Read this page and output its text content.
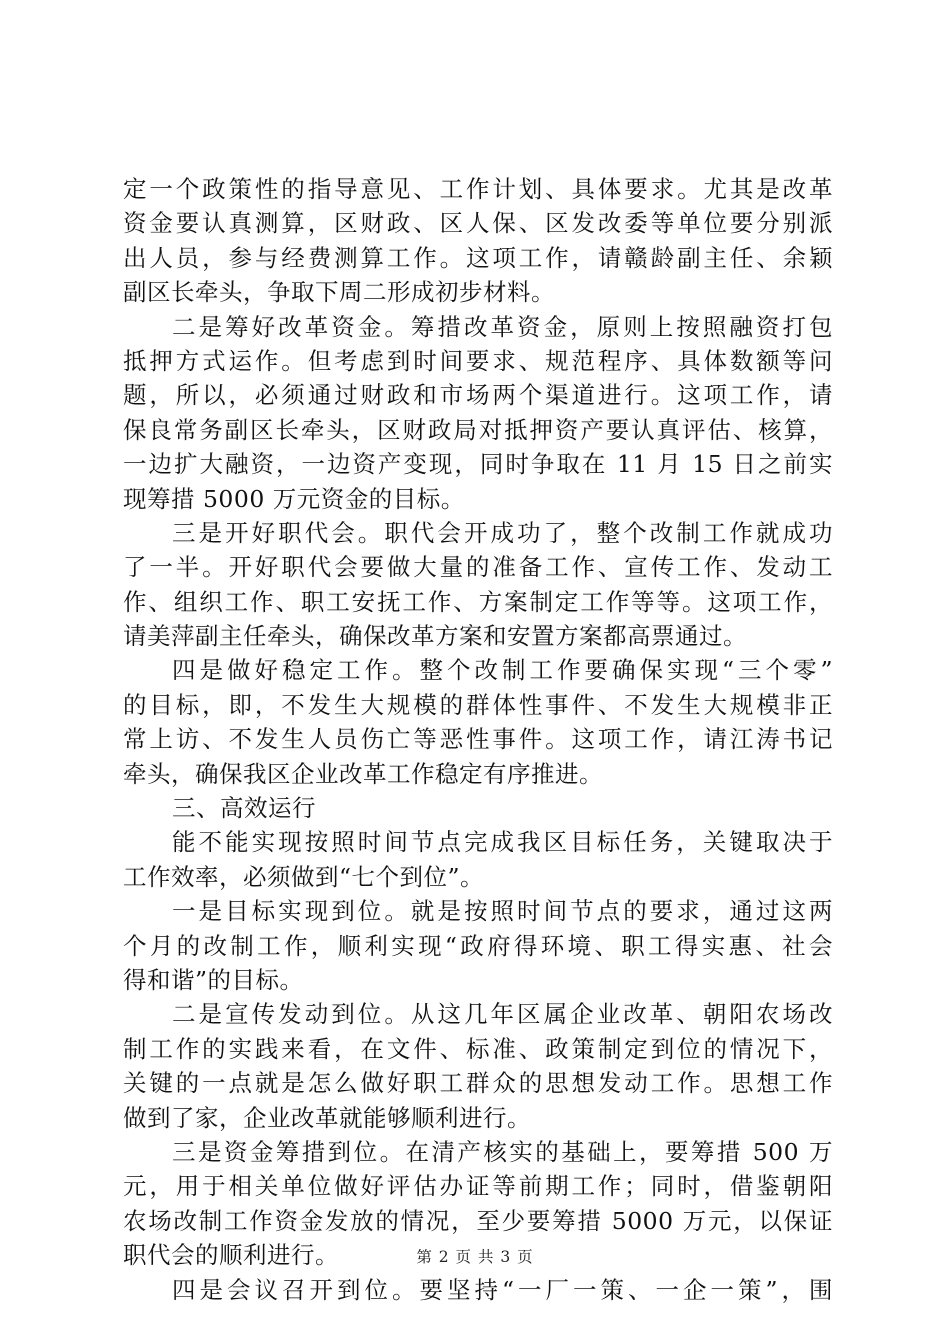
定一个政策性的指导意见、工作计划、具体要求。尤其是改革
资金要认真测算，区财政、区人保、区发改委等单位要分别派
出人员，参与经费测算工作。这项工作，请赣龄副主任、余颖
副区长牵头，争取下周二形成初步材料。
二是筹好改革资金。筹措改革资金，原则上按照融资打包
抵押方式运作。但考虑到时间要求、规范程序、具体数额等问
题，所以，必须通过财政和市场两个渠道进行。这项工作，请
保良常务副区长牵头，区财政局对抵押资产要认真评估、核算，
一边扩大融资，一边资产变现，同时争取在 11 月 15 日之前实
现筹措 5000 万元资金的目标。
三是开好职代会。职代会开成功了，整个改制工作就成功
了一半。开好职代会要做大量的准备工作、宣传工作、发动工
作、组织工作、职工安抚工作、方案制定工作等等。这项工作，
请美萍副主任牵头，确保改革方案和安置方案都高票通过。
四是做好稳定工作。整个改制工作要确保实现“三个零”
的目标，即，不发生大规模的群体性事件、不发生大规模非正
常上访、不发生人员伤亡等恶性事件。这项工作，请江涛书记
牵头，确保我区企业改革工作稳定有序推进。
三、高效运行
能不能实现按照时间节点完成我区目标任务，关键取决于
工作效率，必须做到“七个到位”。
一是目标实现到位。就是按照时间节点的要求，通过这两
个月的改制工作，顺利实现“政府得环境、职工得实惠、社会
得和谐”的目标。
二是宣传发动到位。从这几年区属企业改革、朝阳农场改
制工作的实践来看，在文件、标准、政策制定到位的情况下，
关键的一点就是怎么做好职工群众的思想发动工作。思想工作
做到了家，企业改革就能够顺利进行。
三是资金筹措到位。在清产核实的基础上，要筹措 500 万
元，用于相关单位做好评估办证等前期工作；同时，借鉴朝阳
农场改制工作资金发放的情况，至少要筹措 5000 万元，以保证
职代会的顺利进行。
四是会议召开到位。要坚持“一厂一策、一企一策”，围
第 2 页 共 3 页
